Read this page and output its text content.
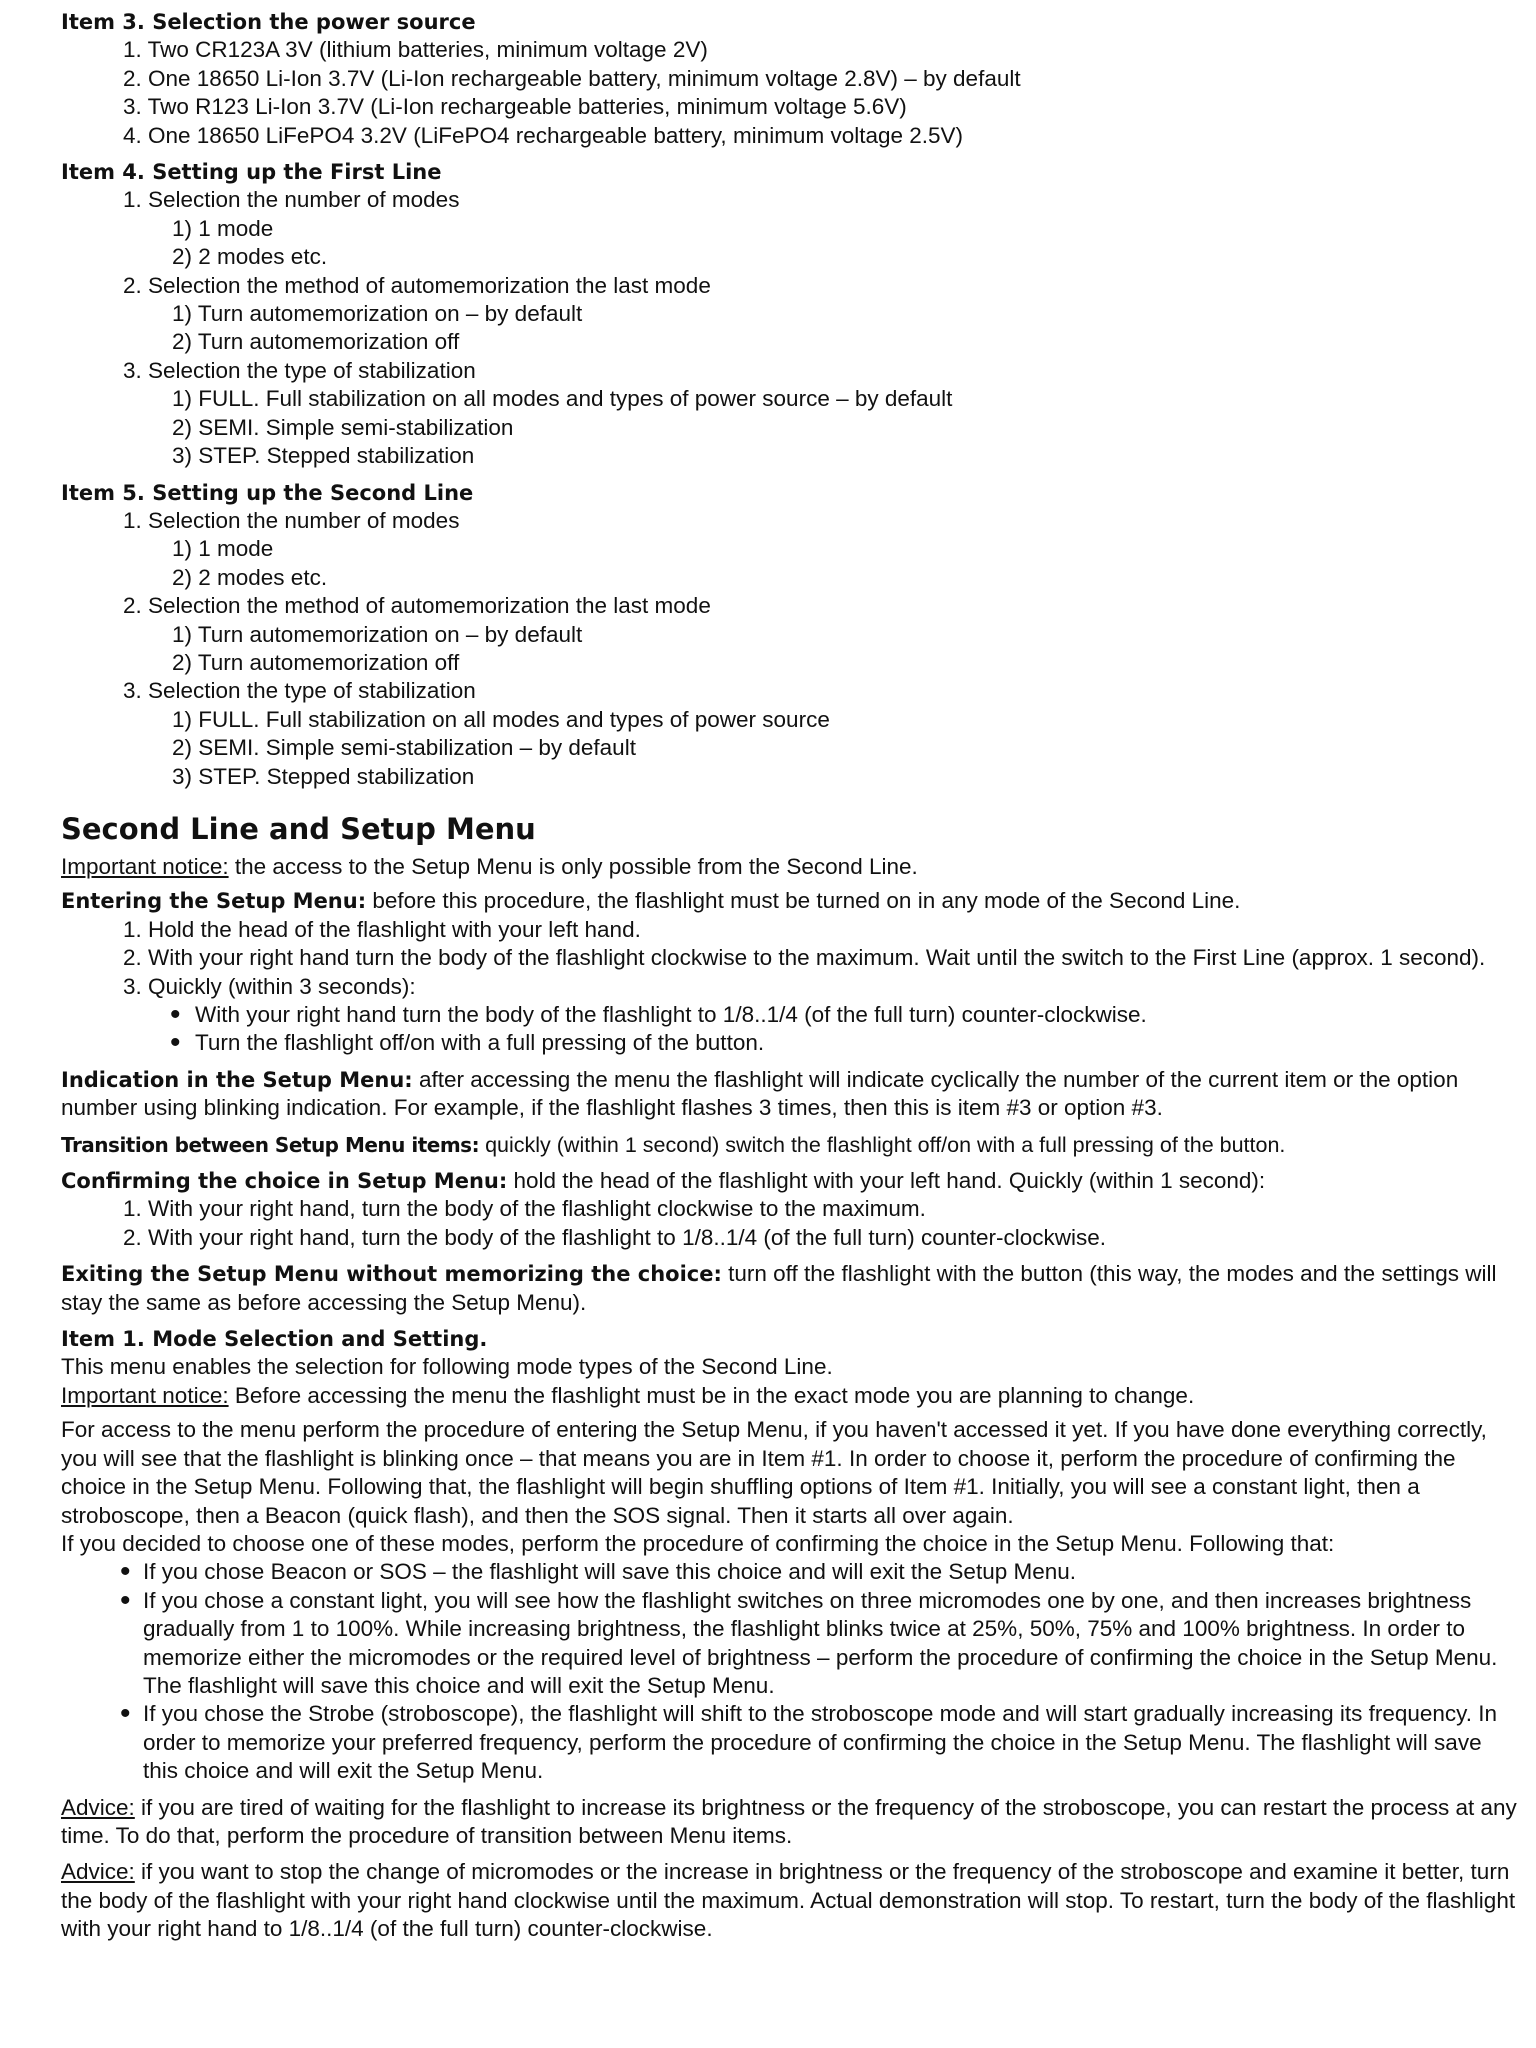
Item 3. Selection the power source
1. Two CR123A 3V (lithium batteries, minimum voltage 2V)
2. One 18650 Li-Ion 3.7V (Li-Ion rechargeable battery, minimum voltage 2.8V) – by default
3. Two R123 Li-Ion 3.7V (Li-Ion rechargeable batteries, minimum voltage 5.6V)
4. One 18650 LiFePO4 3.2V (LiFePO4 rechargeable battery, minimum voltage 2.5V)
Item 4. Setting up the First Line
1. Selection the number of modes
1) 1 mode
2) 2 modes etc.
2. Selection the method of automemorization the last mode
1) Turn automemorization on – by default
2) Turn automemorization off
3. Selection the type of stabilization
1) FULL. Full stabilization on all modes and types of power source – by default
2) SEMI. Simple semi-stabilization
3) STEP. Stepped stabilization
Item 5. Setting up the Second Line
1. Selection the number of modes
1) 1 mode
2) 2 modes etc.
2. Selection the method of automemorization the last mode
1) Turn automemorization on – by default
2) Turn automemorization off
3. Selection the type of stabilization
1) FULL. Full stabilization on all modes and types of power source
2) SEMI. Simple semi-stabilization – by default
3) STEP. Stepped stabilization
Second Line and Setup Menu
Important notice: the access to the Setup Menu is only possible from the Second Line.
Entering the Setup Menu: before this procedure, the flashlight must be turned on in any mode of the Second Line.
1. Hold the head of the flashlight with your left hand.
2. With your right hand turn the body of the flashlight clockwise to the maximum. Wait until the switch to the First Line (approx. 1 second).
3. Quickly (within 3 seconds):
• With your right hand turn the body of the flashlight to 1/8..1/4 (of the full turn) counter-clockwise.
• Turn the flashlight off/on with a full pressing of the button.
Indication in the Setup Menu: after accessing the menu the flashlight will indicate cyclically the number of the current item or the option number using blinking indication. For example, if the flashlight flashes 3 times, then this is item #3 or option #3.
Transition between Setup Menu items: quickly (within 1 second) switch the flashlight off/on with a full pressing of the button.
Confirming the choice in Setup Menu: hold the head of the flashlight with your left hand. Quickly (within 1 second):
1. With your right hand, turn the body of the flashlight clockwise to the maximum.
2. With your right hand, turn the body of the flashlight to 1/8..1/4 (of the full turn) counter-clockwise.
Exiting the Setup Menu without memorizing the choice: turn off the flashlight with the button (this way, the modes and the settings will stay the same as before accessing the Setup Menu).
Item 1. Mode Selection and Setting.
This menu enables the selection for following mode types of the Second Line.
Important notice: Before accessing the menu the flashlight must be in the exact mode you are planning to change.
For access to the menu perform the procedure of entering the Setup Menu, if you haven't accessed it yet. If you have done everything correctly, you will see that the flashlight is blinking once – that means you are in Item #1. In order to choose it, perform the procedure of confirming the choice in the Setup Menu. Following that, the flashlight will begin shuffling options of Item #1. Initially, you will see a constant light, then a stroboscope, then a Beacon (quick flash), and then the SOS signal. Then it starts all over again.
If you decided to choose one of these modes, perform the procedure of confirming the choice in the Setup Menu. Following that:
• If you chose Beacon or SOS – the flashlight will save this choice and will exit the Setup Menu.
• If you chose a constant light, you will see how the flashlight switches on three micromodes one by one, and then increases brightness gradually from 1 to 100%. While increasing brightness, the flashlight blinks twice at 25%, 50%, 75% and 100% brightness. In order to memorize either the micromodes or the required level of brightness – perform the procedure of confirming the choice in the Setup Menu. The flashlight will save this choice and will exit the Setup Menu.
• If you chose the Strobe (stroboscope), the flashlight will shift to the stroboscope mode and will start gradually increasing its frequency. In order to memorize your preferred frequency, perform the procedure of confirming the choice in the Setup Menu. The flashlight will save this choice and will exit the Setup Menu.
Advice: if you are tired of waiting for the flashlight to increase its brightness or the frequency of the stroboscope, you can restart the process at any time. To do that, perform the procedure of transition between Menu items.
Advice: if you want to stop the change of micromodes or the increase in brightness or the frequency of the stroboscope and examine it better, turn the body of the flashlight with your right hand clockwise until the maximum. Actual demonstration will stop. To restart, turn the body of the flashlight with your right hand to 1/8..1/4 (of the full turn) counter-clockwise.
